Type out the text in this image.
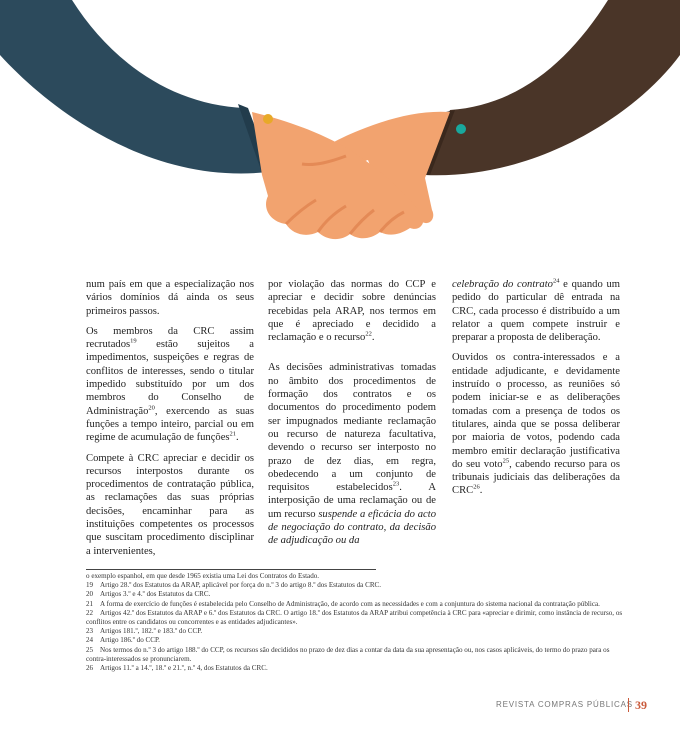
num país em que a especialização nos vários domínios dá ainda os seus primeiros passos.

Os membros da CRC assim recrutados$^{19}$ estão sujeitos a impedimentos, suspeições e regras de conflitos de interesses, sendo o titular impedido substituído por um dos membros do Conselho de Administração$^{20}$, exercendo as suas funções a tempo inteiro, parcial ou em regime de acumulação de funções$^{21}$.

Compete à CRC apreciar e decidir os recursos interpostos durante os procedimentos de contratação pública, as reclamações das suas próprias decisões, encaminhar para as instituições competentes os processos que suscitam procedimento disciplinar a intervenientes,

por violação das normas do CCP e apreciar e decidir sobre denúncias recebidas pela ARAP, nos termos em que é apreciado e decidido a reclamação e o recurso$^{22}$.

As decisões administrativas tomadas no âmbito dos procedimentos de formação dos contratos e os documentos do procedimento podem ser impugnados mediante reclamação ou recurso de natureza facultativa, devendo o recurso ser interposto no prazo de dez dias, em regra, obedecendo a um conjunto de requisitos estabelecidos$^{23}$. A interposição de uma reclamação ou de um recurso suspende a eficácia do acto de negociação do contrato, da decisão de adjudicação ou da

celebração do contrato$^{24}$ e quando um pedido do particular dê entrada na CRC, cada processo é distribuído a um relator a quem compete instruir e preparar a proposta de deliberação.

Ouvidos os contra-interessados e a entidade adjudicante, e devidamente instruído o processo, as reuniões só podem iniciar-se e as deliberações tomadas com a presença de todos os titulares, ainda que se possa deliberar por maioria de votos, podendo cada membro emitir declaração justificativa do seu voto$^{25}$, cabendo recurso para os tribunais judiciais das deliberações da CRC$^{26}$.

o exemplo espanhol, em que desde 1965 existia uma Lei dos Contratos do Estado.

19 Artigo 28.º dos Estatutos da ARAP, aplicável por força do n.º 3 do artigo 8.º dos Estatutos da CRC.

20 Artigos 3.º e 4.º dos Estatutos da CRC.

21 A forma de exercício de funções é estabelecida pelo Conselho de Administração, de acordo com as necessidades e com a conjuntura do sistema nacional da contratação pública.

22 Artigos 42.º dos Estatutos da ARAP e 6.º dos Estatutos da CRC. O artigo 18.º dos Estatutos da ARAP atribui competência à CRC para «apreciar e dirimir, como instância de recurso, os conflitos entre os candidatos ou concorrentes e as entidades adjudicantes».

23 Artigos 181.º, 182.º e 183.º do CCP.

24 Artigo 186.º do CCP.

25 Nos termos do n.º 3 do artigo 188.º do CCP, os recursos são decididos no prazo de dez dias a contar da data da sua apresentação ou, nos casos aplicáveis, do termo do prazo para os contra-interessados se pronunciarem.

26 Artigos 11.º a 14.º, 18.º e 21.º, n.º 4, dos Estatutos da CRC.

REVISTA COMPRAS PÚBLICAS 39
